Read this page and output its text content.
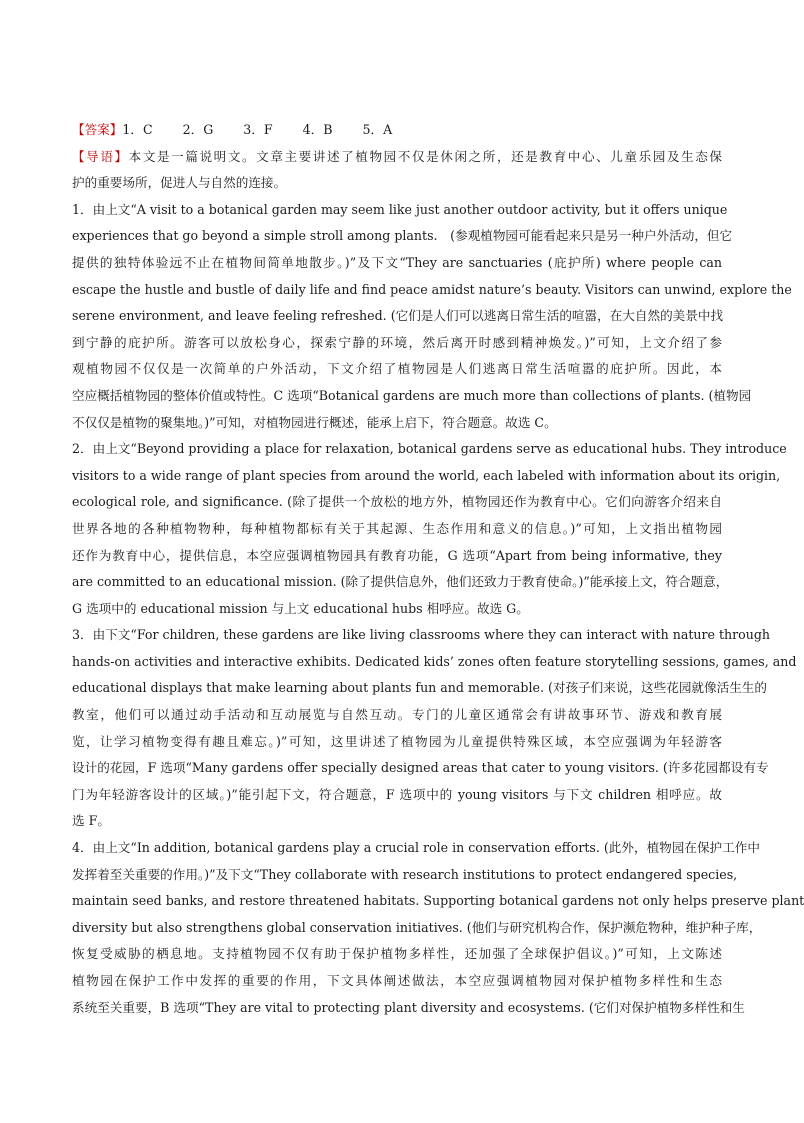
【答案】1．C 2．G 3．F 4．B 5．A
【导语】本文是一篇说明文。文章主要讲述了植物园不仅是休闲之所，还是教育中心、儿童乐园及生态保
护的重要场所，促进人与自然的连接。
1．由上文“A visit to a botanical garden may seem like just another outdoor activity, but it offers unique
experiences that go beyond a simple stroll among plants.　(参观植物园可能看起来只是另一种户外活动，但它
提供的独特体验远不止在植物间简单地散步。)”及下文“They are sanctuaries (庇护所) where people can
escape the hustle and bustle of daily life and find peace amidst nature’s beauty. Visitors can unwind, explore the
serene environment, and leave feeling refreshed. (它们是人们可以逃离日常生活的喧嚣，在大自然的美景中找
到宁静的庇护所。游客可以放松身心，探索宁静的环境，然后离开时感到精神焕发。)”可知，上文介绍了参
观植物园不仅仅是一次简单的户外活动，下文介绍了植物园是人们逃离日常生活喧嚣的庇护所。因此，本
空应概括植物园的整体价值或特性。C 选项“Botanical gardens are much more than collections of plants. (植物园
不仅仅是植物的聚集地。)”可知，对植物园进行概述，能承上启下，符合题意。故选 C。
2．由上文“Beyond providing a place for relaxation, botanical gardens serve as educational hubs. They introduce
visitors to a wide range of plant species from around the world, each labeled with information about its origin,
ecological role, and significance. (除了提供一个放松的地方外，植物园还作为教育中心。它们向游客介绍来自
世界各地的各种植物物种，每种植物都标有关于其起源、生态作用和意义的信息。)”可知，上文指出植物园
还作为教育中心，提供信息，本空应强调植物园具有教育功能，G 选项“Apart from being informative, they
are committed to an educational mission. (除了提供信息外，他们还致力于教育使命。)”能承接上文，符合题意，
G 选项中的 educational mission 与上文 educational hubs 相呼应。故选 G。
3．由下文“For children, these gardens are like living classrooms where they can interact with nature through
hands-on activities and interactive exhibits. Dedicated kids’ zones often feature storytelling sessions, games, and
educational displays that make learning about plants fun and memorable. (对孩子们来说，这些花园就像活生生的
教室，他们可以通过动手活动和互动展览与自然互动。专门的儿童区通常会有讲故事环节、游戏和教育展
览，让学习植物变得有趣且难忘。)”可知，这里讲述了植物园为儿童提供特殊区域，本空应强调为年轻游客
设计的花园，F 选项“Many gardens offer specially designed areas that cater to young visitors. (许多花园都设有专
门为年轻游客设计的区域。)”能引起下文，符合题意，F 选项中的 young visitors 与下文 children 相呼应。故
选 F。
4．由上文“In addition, botanical gardens play a crucial role in conservation efforts. (此外，植物园在保护工作中
发挥着至关重要的作用。)”及下文“They collaborate with research institutions to protect endangered species,
maintain seed banks, and restore threatened habitats. Supporting botanical gardens not only helps preserve plant
diversity but also strengthens global conservation initiatives. (他们与研究机构合作，保护濒危物种，维护种子库，
恢复受威胁的栖息地。支持植物园不仅有助于保护植物多样性，还加强了全球保护倡议。)”可知，上文陈述
植物园在保护工作中发挥的重要的作用，下文具体阐述做法，本空应强调植物园对保护植物多样性和生态
系统至关重要，B 选项“They are vital to protecting plant diversity and ecosystems. (它们对保护植物多样性和生
